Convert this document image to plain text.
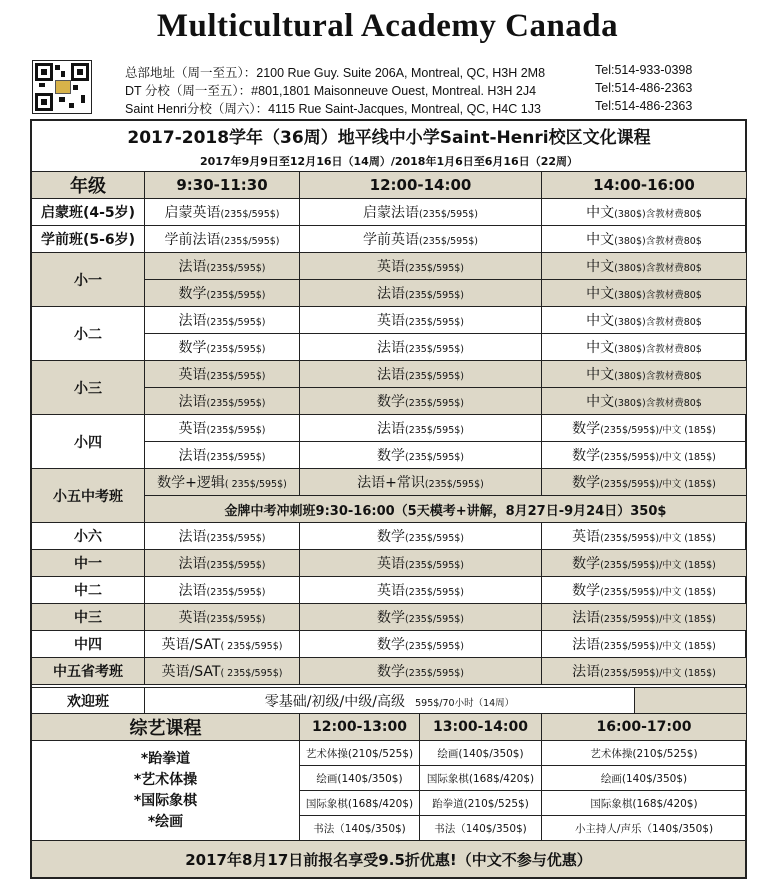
Multicultural Academy Canada
总部地址（周一至五）：2100 Rue Guy. Suite 206A, Montreal, QC, H3H 2M8	Tel:514-933-0398
DT 分校（周一至五）：#801,1801 Maisonneuve Ouest, Montreal. H3H 2J4	Tel:514-486-2363
Saint Henri分校（周六）：4115 Rue Saint-Jacques, Montreal, QC, H4C 1J3	Tel:514-486-2363
2017-2018学年（36周）地平线中小学Saint-Henri校区文化课程			
2017年9月9日至12月16日（14周）/2018年1月6日至6月16日（22周）			
年级	9:30-11:30	12:00-14:00	14:00-16:00
启蒙班(4-5岁)	启蒙英语(235$/595$)	启蒙法语(235$/595$)	中文(380$)含教材费80$
学前班(5-6岁)	学前法语(235$/595$)	学前英语(235$/595$)	中文(380$)含教材费80$
小一	法语(235$/595$)	英语(235$/595$)	中文(380$)含教材费80$
	数学(235$/595$)	法语(235$/595$)	中文(380$)含教材费80$
小二	法语(235$/595$)	英语(235$/595$)	中文(380$)含教材费80$
	数学(235$/595$)	法语(235$/595$)	中文(380$)含教材费80$
小三	英语(235$/595$)	法语(235$/595$)	中文(380$)含教材费80$
	法语(235$/595$)	数学(235$/595$)	中文(380$)含教材费80$
小四	英语(235$/595$)	法语(235$/595$)	数学(235$/595$)/中文 (185$)
	法语(235$/595$)	数学(235$/595$)	数学(235$/595$)/中文 (185$)
小五中考班	数学+逻辑( 235$/595$)	法语+常识(235$/595$)	数学(235$/595$)/中文 (185$)
	金牌中考冲刺班9:30-16:00（5天模考+讲解，8月27日-9月24日）350$		
小六	法语(235$/595$)	数学(235$/595$)	英语(235$/595$)/中文 (185$)
中一	法语(235$/595$)	英语(235$/595$)	数学(235$/595$)/中文 (185$)
中二	法语(235$/595$)	英语(235$/595$)	数学(235$/595$)/中文 (185$)
中三	英语(235$/595$)	数学(235$/595$)	法语(235$/595$)/中文 (185$)
中四	英语/SAT( 235$/595$)	数学(235$/595$)	法语(235$/595$)/中文 (185$)
中五省考班	英语/SAT( 235$/595$)	数学(235$/595$)	法语(235$/595$)/中文 (185$)
欢迎班	零基础/初级/中级/高级 595$/70小时（14周）	
综艺课程	12:00-13:00	13:00-14:00	16:00-17:00

*跆拳道
*艺术体操
*国际象棋
*绘画	艺术体操(210$/525$)	绘画(140$/350$)	艺术体操(210$/525$)
	绘画(140$/350$)	国际象棋(168$/420$)	绘画(140$/350$)
	国际象棋(168$/420$)	跆拳道(210$/525$)	国际象棋(168$/420$)
	书法（140$/350$)	书法（140$/350$)	小主持人/声乐（140$/350$)
2017年8月17日前报名享受9.5折优惠!（中文不参与优惠）
